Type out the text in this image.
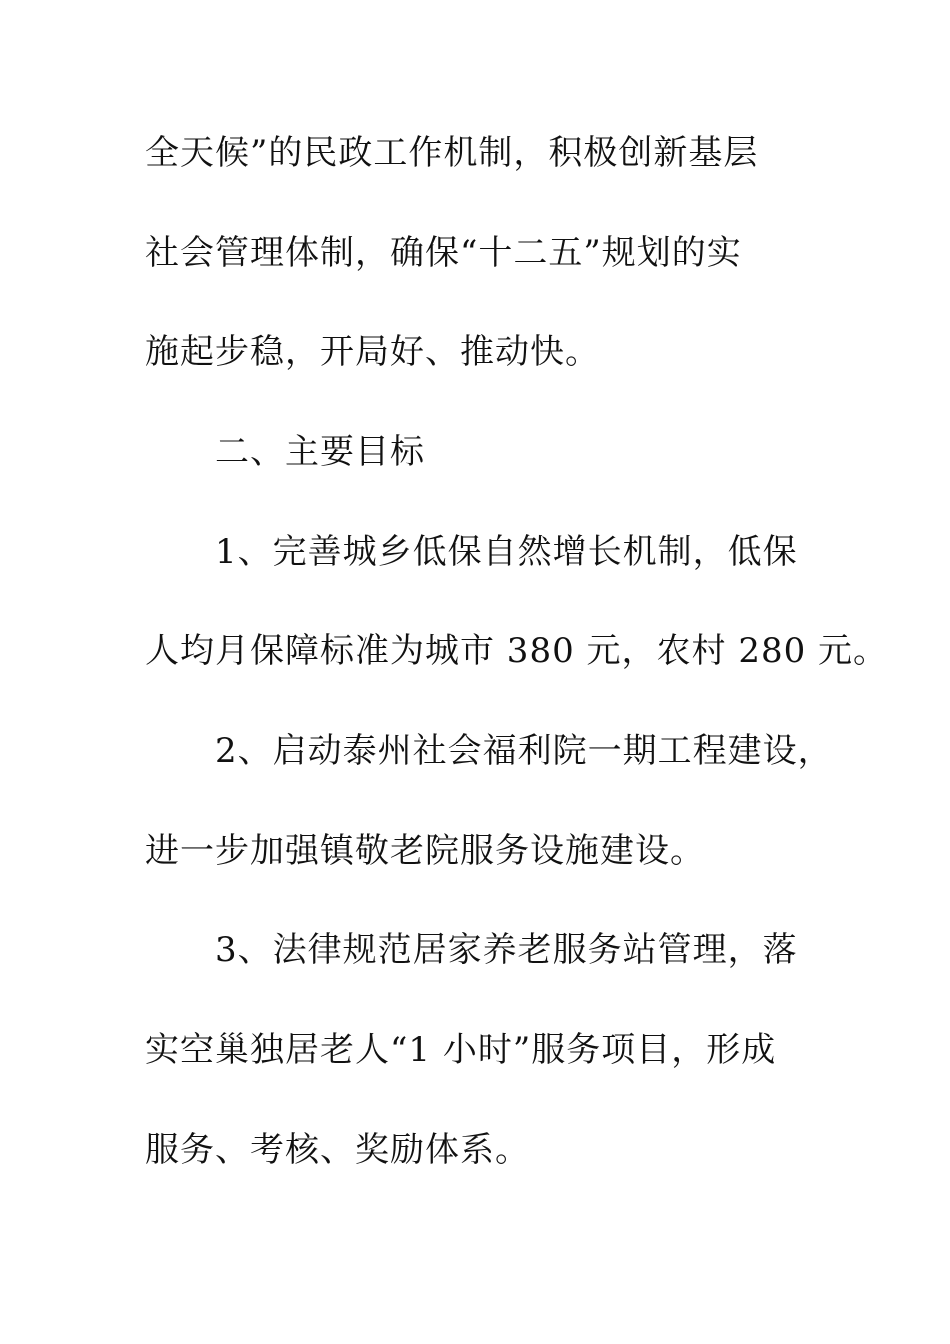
全天候”的民政工作机制，积极创新基层
社会管理体制，确保“十二五”规划的实
施起步稳，开局好、推动快。
二、主要目标
1、完善城乡低保自然增长机制，低保
人均月保障标准为城市 380 元，农村 280 元。
2、启动泰州社会福利院一期工程建设，
进一步加强镇敬老院服务设施建设。
3、法律规范居家养老服务站管理，落
实空巢独居老人“1 小时”服务项目，形成
服务、考核、奖励体系。
